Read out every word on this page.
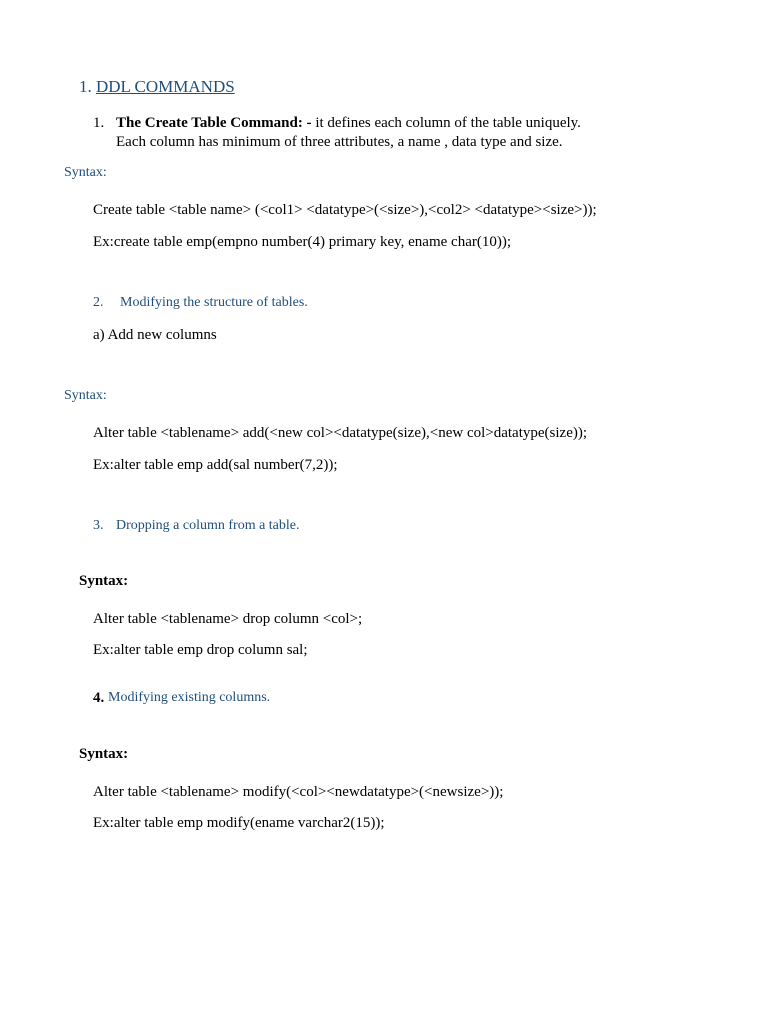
1. DDL COMMANDS
1. The Create Table Command: - it defines each column of the table uniquely.
Each column has minimum of three attributes, a name , data type and size.
Syntax:
Create table <table name> (<col1> <datatype>(<size>),<col2> <datatype><size>));
Ex:create table emp(empno number(4) primary key, ename char(10));
2. Modifying the structure of tables.
a) Add new columns
Syntax:
Alter table <tablename> add(<new col><datatype(size),<new col>datatype(size));
Ex:alter table emp add(sal number(7,2));
3. Dropping a column from a table.
Syntax:
Alter table <tablename> drop column <col>;
Ex:alter table emp drop column sal;
4. Modifying existing columns.
Syntax:
Alter table <tablename> modify(<col><newdatatype>(<newsize>));
Ex:alter table emp modify(ename varchar2(15));
